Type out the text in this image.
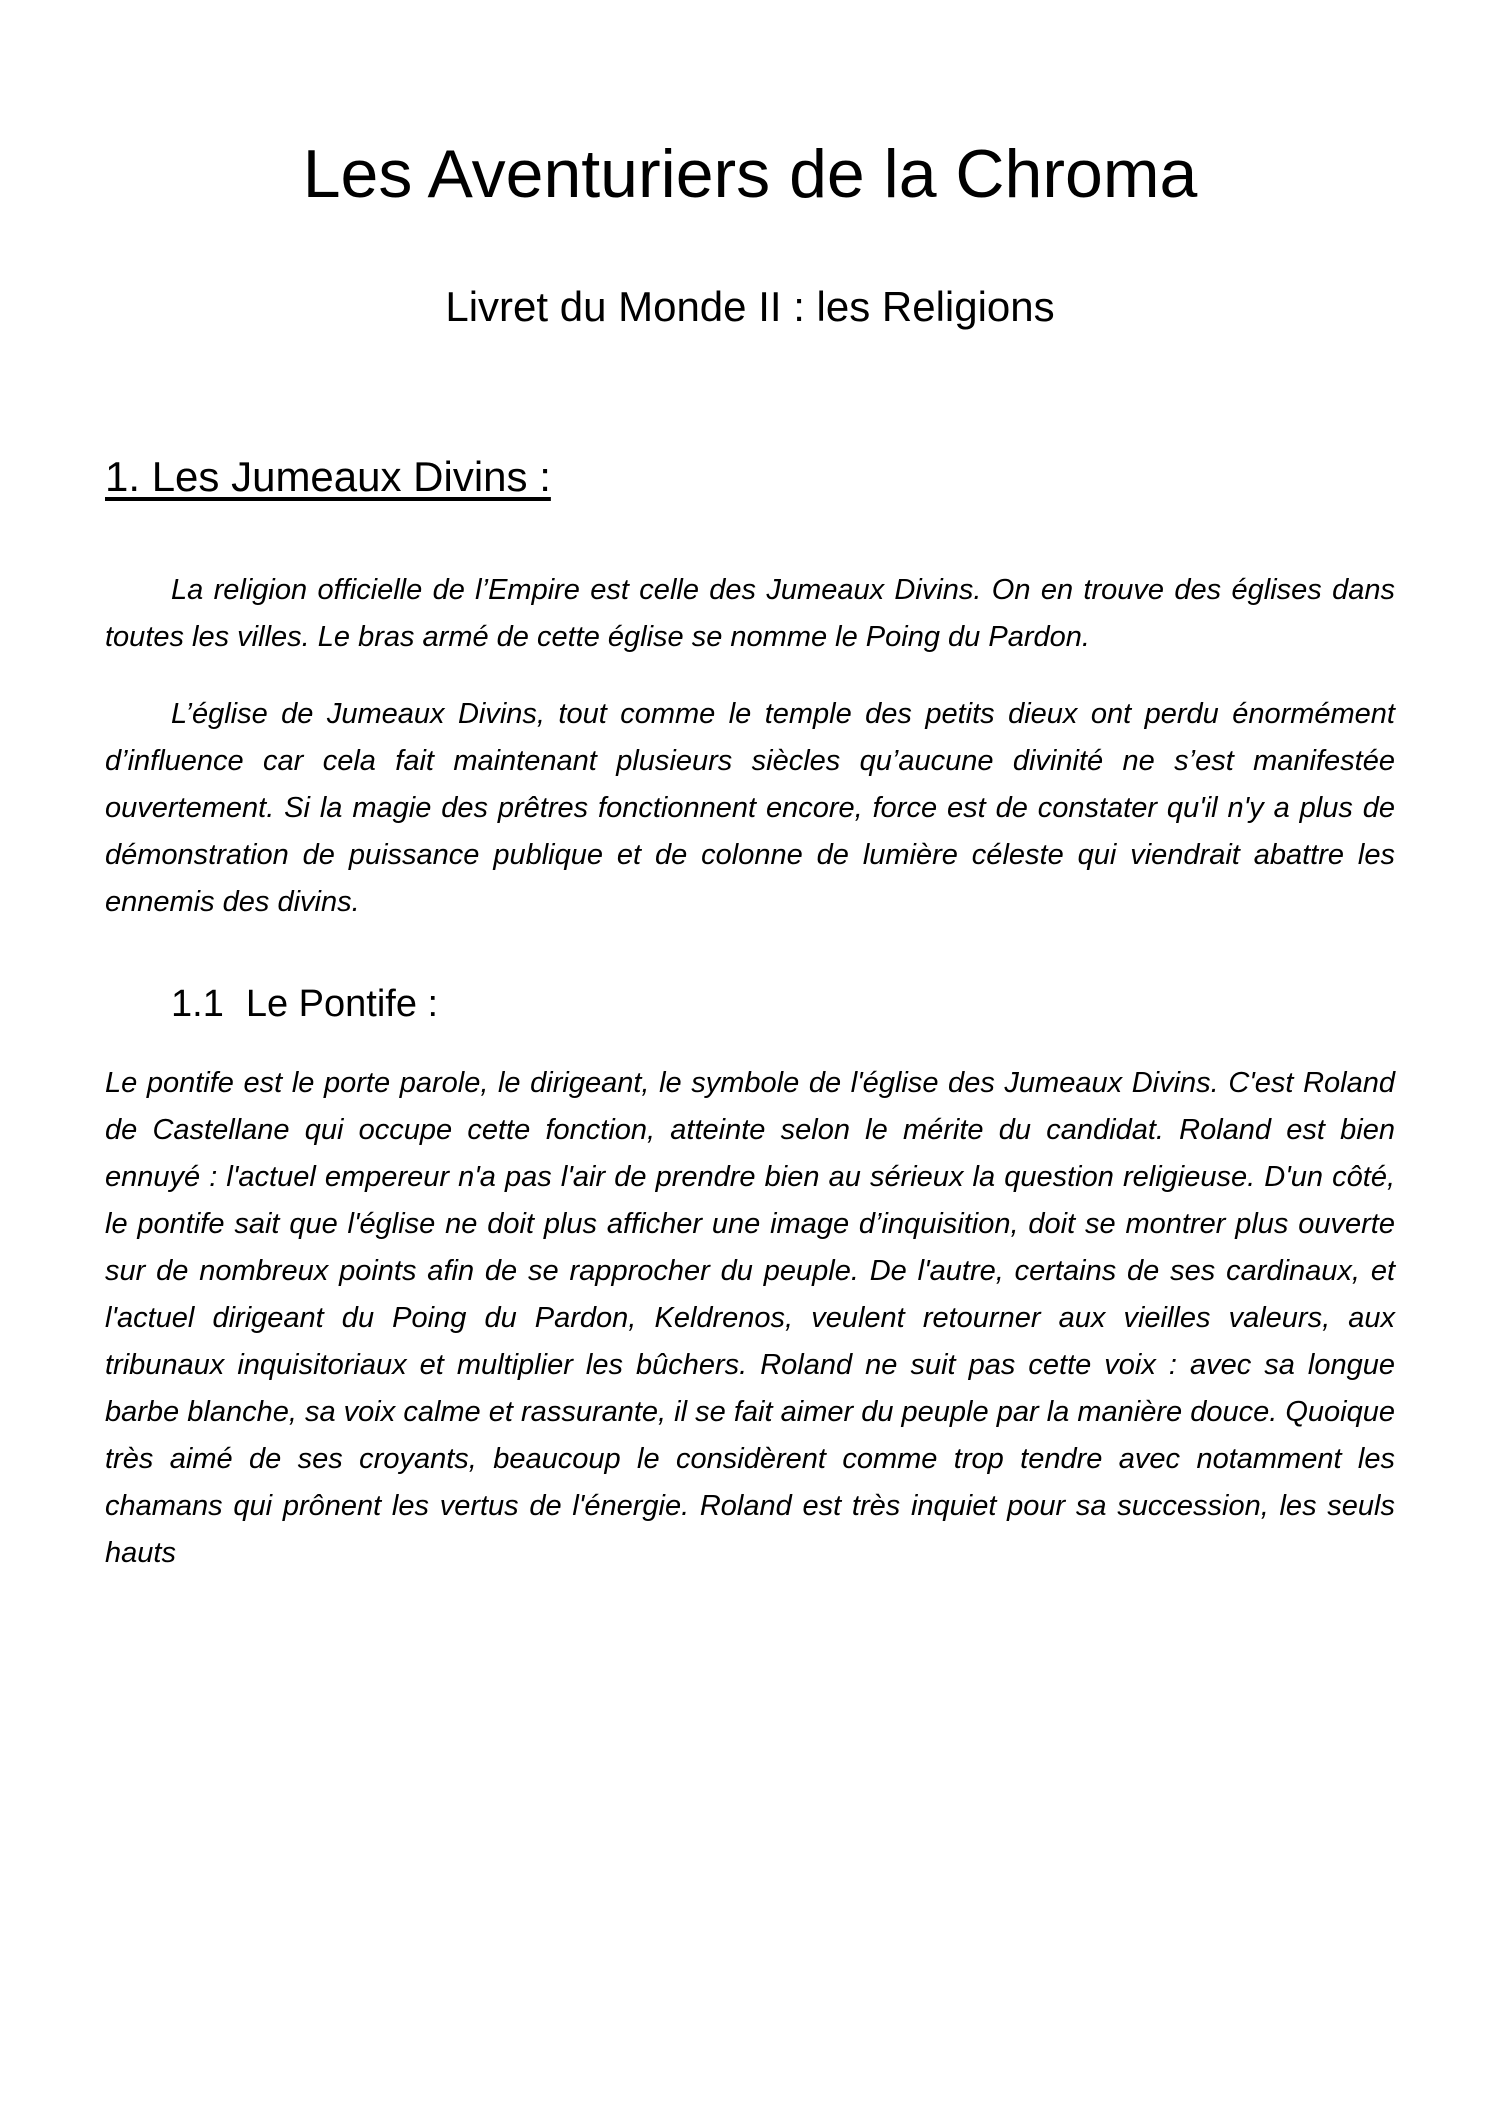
Les Aventuriers de la Chroma
Livret du Monde II : les Religions
1. Les Jumeaux Divins :

La religion officielle de l’Empire est celle des Jumeaux Divins. On en trouve des églises dans toutes les villes. Le bras armé de cette église se nomme le Poing du Pardon.

L’église de Jumeaux Divins, tout comme le temple des petits dieux ont perdu énormément d’influence car cela fait maintenant plusieurs siècles qu’aucune divinité ne s’est manifestée ouvertement. Si la magie des prêtres fonctionnent encore, force est de constater qu'il n'y a plus de démonstration de puissance publique et de colonne de lumière céleste qui viendrait abattre les ennemis des divins.

1.1 Le Pontife :

Le pontife est le porte parole, le dirigeant, le symbole de l'église des Jumeaux Divins. C'est Roland de Castellane qui occupe cette fonction, atteinte selon le mérite du candidat. Roland est bien ennuyé : l'actuel empereur n'a pas l'air de prendre bien au sérieux la question religieuse. D'un côté, le pontife sait que l'église ne doit plus afficher une image d’inquisition, doit se montrer plus ouverte sur de nombreux points afin de se rapprocher du peuple. De l'autre, certains de ses cardinaux, et l'actuel dirigeant du Poing du Pardon, Keldrenos, veulent retourner aux vieilles valeurs, aux tribunaux inquisitoriaux et multiplier les bûchers. Roland ne suit pas cette voix : avec sa longue barbe blanche, sa voix calme et rassurante, il se fait aimer du peuple par la manière douce. Quoique très aimé de ses croyants, beaucoup le considèrent comme trop tendre avec notamment les chamans qui prônent les vertus de l'énergie. Roland est très inquiet pour sa succession, les seuls hauts
